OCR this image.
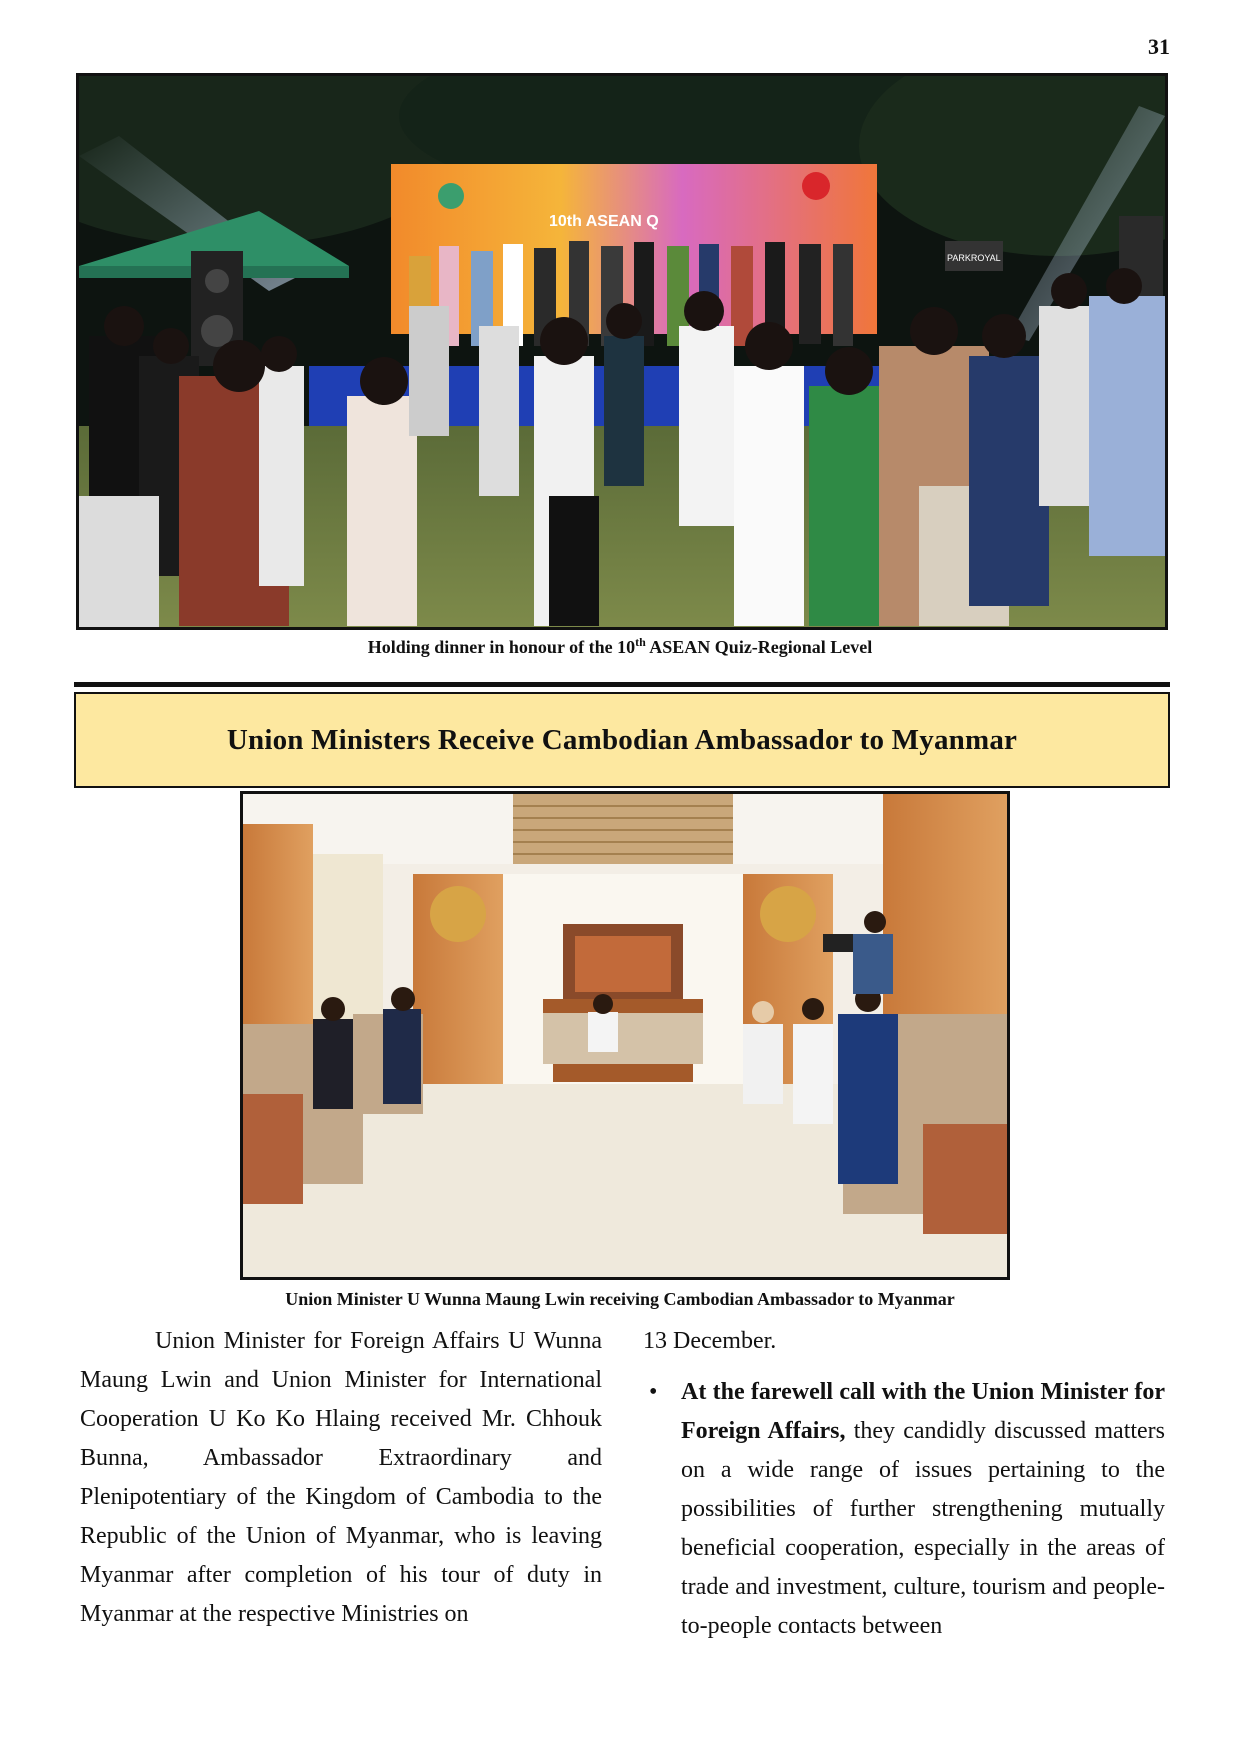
31
10th ASEAN Q
PARKROYAL
Holding dinner in honour of the 10th ASEAN Quiz-Regional Level
Union Ministers Receive Cambodian Ambassador to Myanmar
Union Minister U Wunna Maung Lwin receiving Cambodian Ambassador to Myanmar

Union Minister for Foreign Affairs U Wunna Maung Lwin and Union Minister for International Cooperation U Ko Ko Hlaing received Mr. Chhouk Bunna, Ambassador Extraordinary and Plenipotentiary of the Kingdom of Cambodia to the Republic of the Union of Myanmar, who is leaving Myanmar after completion of his tour of duty in Myanmar at the respective Ministries on

13 December.

• At the farewell call with the Union Minister for Foreign Affairs, they candidly discussed matters on a wide range of issues pertaining to the possibilities of further strengthening mutually beneficial cooperation, especially in the areas of trade and investment, culture, tourism and people-to-people contacts between
